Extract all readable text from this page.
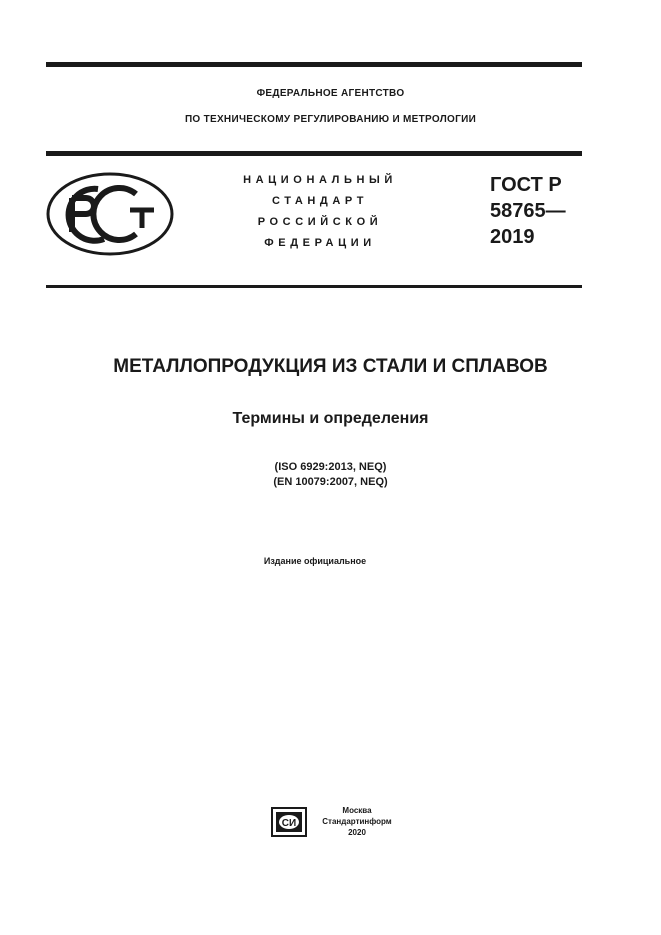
ФЕДЕРАЛЬНОЕ АГЕНТСТВО
ПО ТЕХНИЧЕСКОМУ РЕГУЛИРОВАНИЮ И МЕТРОЛОГИИ
НАЦИОНАЛЬНЫЙ
СТАНДАРТ
РОССИЙСКОЙ
ФЕДЕРАЦИИ
ГОСТ Р
58765—
2019
МЕТАЛЛОПРОДУКЦИЯ ИЗ СТАЛИ И СПЛАВОВ
Термины и определения
(ISO 6929:2013, NEQ)
(EN 10079:2007, NEQ)
Издание официальное
СИ
Москва
Стандартинформ
2020
